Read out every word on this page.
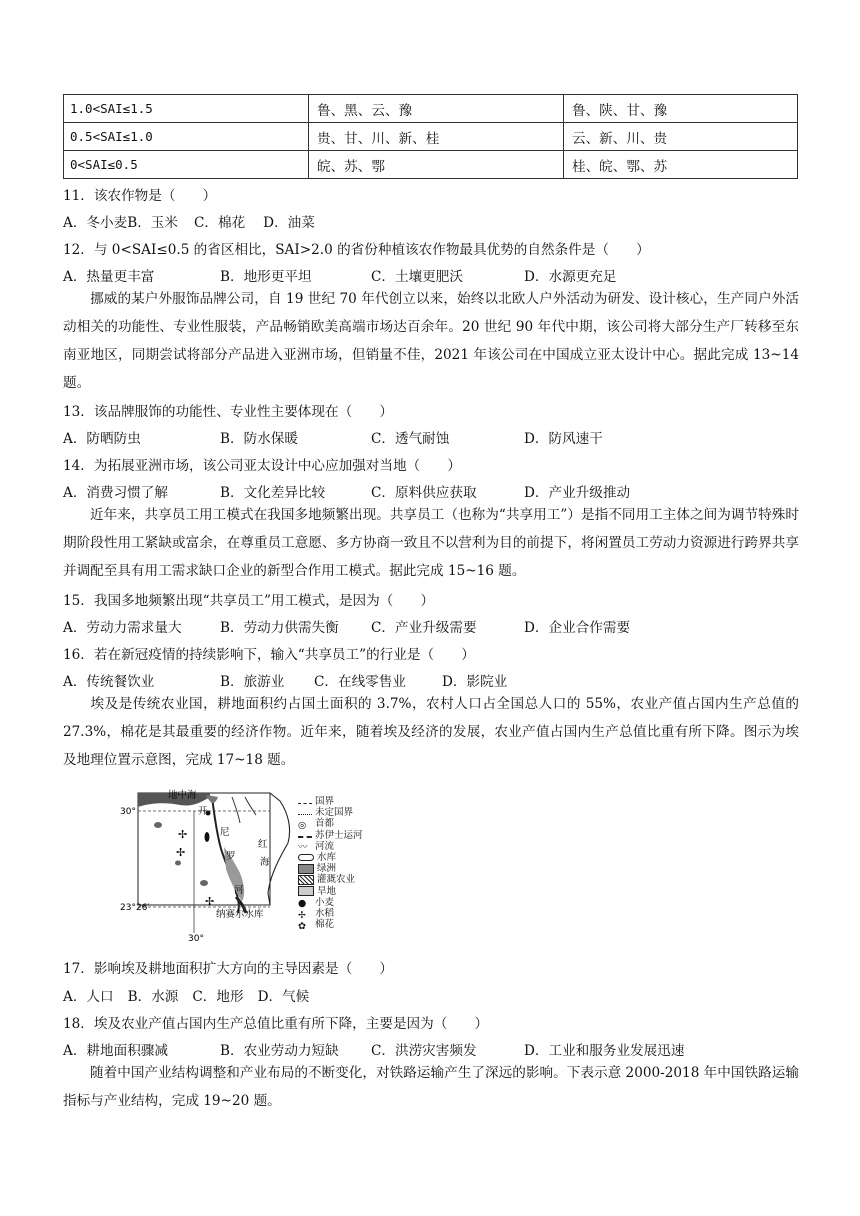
1.0<SAI≤1.5	鲁、黑、云、豫	鲁、陕、甘、豫
0.5<SAI≤1.0	贵、甘、川、新、桂	云、新、川、贵
0<SAI≤0.5	皖、苏、鄂	桂、皖、鄂、苏
11．该农作物是（　　）
A．冬小麦 B．玉米 C．棉花 D．油菜
12．与 0<SAI≤0.5 的省区相比，SAI>2.0 的省份种植该农作物最具优势的自然条件是（　　）
A．热量更丰富	B．地形更平坦	C．土壤更肥沃	D．水源更充足
挪威的某户外服饰品牌公司，自 19 世纪 70 年代创立以来，始终以北欧人户外活动为研发、设计核心，生产同户外活动相关的功能性、专业性服装，产品畅销欧美高端市场达百余年。20 世纪 90 年代中期，该公司将大部分生产厂转移至东南亚地区，同期尝试将部分产品进入亚洲市场，但销量不佳，2021 年该公司在中国成立亚太设计中心。据此完成 13~14 题。
13．该品牌服饰的功能性、专业性主要体现在（　　）
A．防晒防虫	B．防水保暖	C．透气耐蚀	D．防风速干
14．为拓展亚洲市场，该公司亚太设计中心应加强对当地（　　）
A．消费习惯了解	B．文化差异比较	C．原料供应获取	D．产业升级推动
近年来，共享员工用工模式在我国多地频繁出现。共享员工（也称为“共享用工”）是指不同用工主体之间为调节特殊时期阶段性用工紧缺或富余，在尊重员工意愿、多方协商一致且不以营利为目的前提下，将闲置员工劳动力资源进行跨界共享并调配至具有用工需求缺口企业的新型合作用工模式。据此完成 15~16 题。
15．我国多地频繁出现“共享员工”用工模式，是因为（　　）
A．劳动力需求量大	B．劳动力供需失衡	C．产业升级需要	D．企业合作需要
16．若在新冠疫情的持续影响下，输入“共享员工”的行业是（　　）
A．传统餐饮业	B．旅游业	C．在线零售业	D．影院业
埃及是传统农业国，耕地面积约占国土面积的 3.7%，农村人口占全国总人口的 55%，农业产值占国内生产总值的 27.3%，棉花是其最重要的经济作物。近年来，随着埃及经济的发展，农业产值占国内生产总值比重有所下降。图示为埃及地理位置示意图，完成 17~18 题。
✢
✢
✢
地中海
开
尼
罗
河
红
海
30°
23°26′
30°
纳赛尔水库
国界
未定国界
◎ 首都
苏伊士运河
〰 河流
水库
绿洲
灌溉农业
旱地
● 小麦
✢ 水稻
✿ 棉花
17．影响埃及耕地面积扩大方向的主导因素是（　　）
A．人口 B．水源 C．地形 D．气候
18．埃及农业产值占国内生产总值比重有所下降，主要是因为（　　）
A．耕地面积骤减	B．农业劳动力短缺	C．洪涝灾害频发	D．工业和服务业发展迅速
随着中国产业结构调整和产业布局的不断变化，对铁路运输产生了深远的影响。下表示意 2000-2018 年中国铁路运输指标与产业结构，完成 19~20 题。
